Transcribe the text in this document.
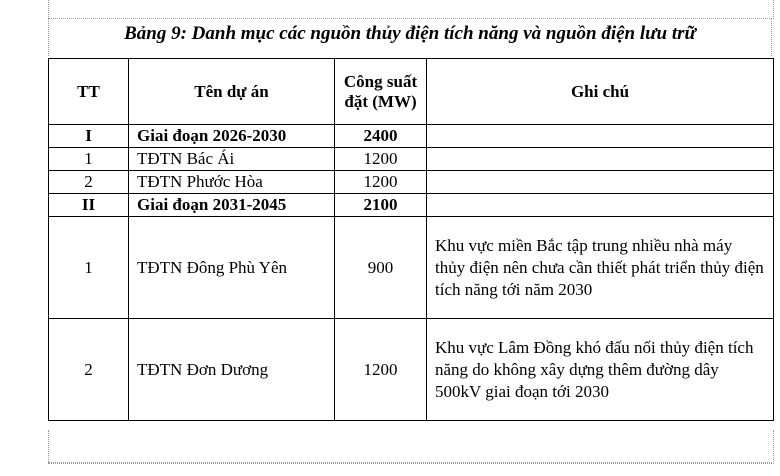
Bảng 9: Danh mục các nguồn thủy điện tích năng và nguồn điện lưu trữ
TT	Tên dự án	Công suất đặt (MW)	Ghi chú
I	Giai đoạn 2026-2030	2400	
1	TĐTN Bác Ái	1200	
2	TĐTN Phước Hòa	1200	
II	Giai đoạn 2031-2045	2100	
1	TĐTN Đông Phù Yên	900	Khu vực miền Bắc tập trung nhiều nhà máy thủy điện nên chưa cần thiết phát triển thủy điện tích năng tới năm 2030
2	TĐTN Đơn Dương	1200	Khu vực Lâm Đồng khó đấu nối thủy điện tích năng do không xây dựng thêm đường dây 500kV giai đoạn tới 2030
